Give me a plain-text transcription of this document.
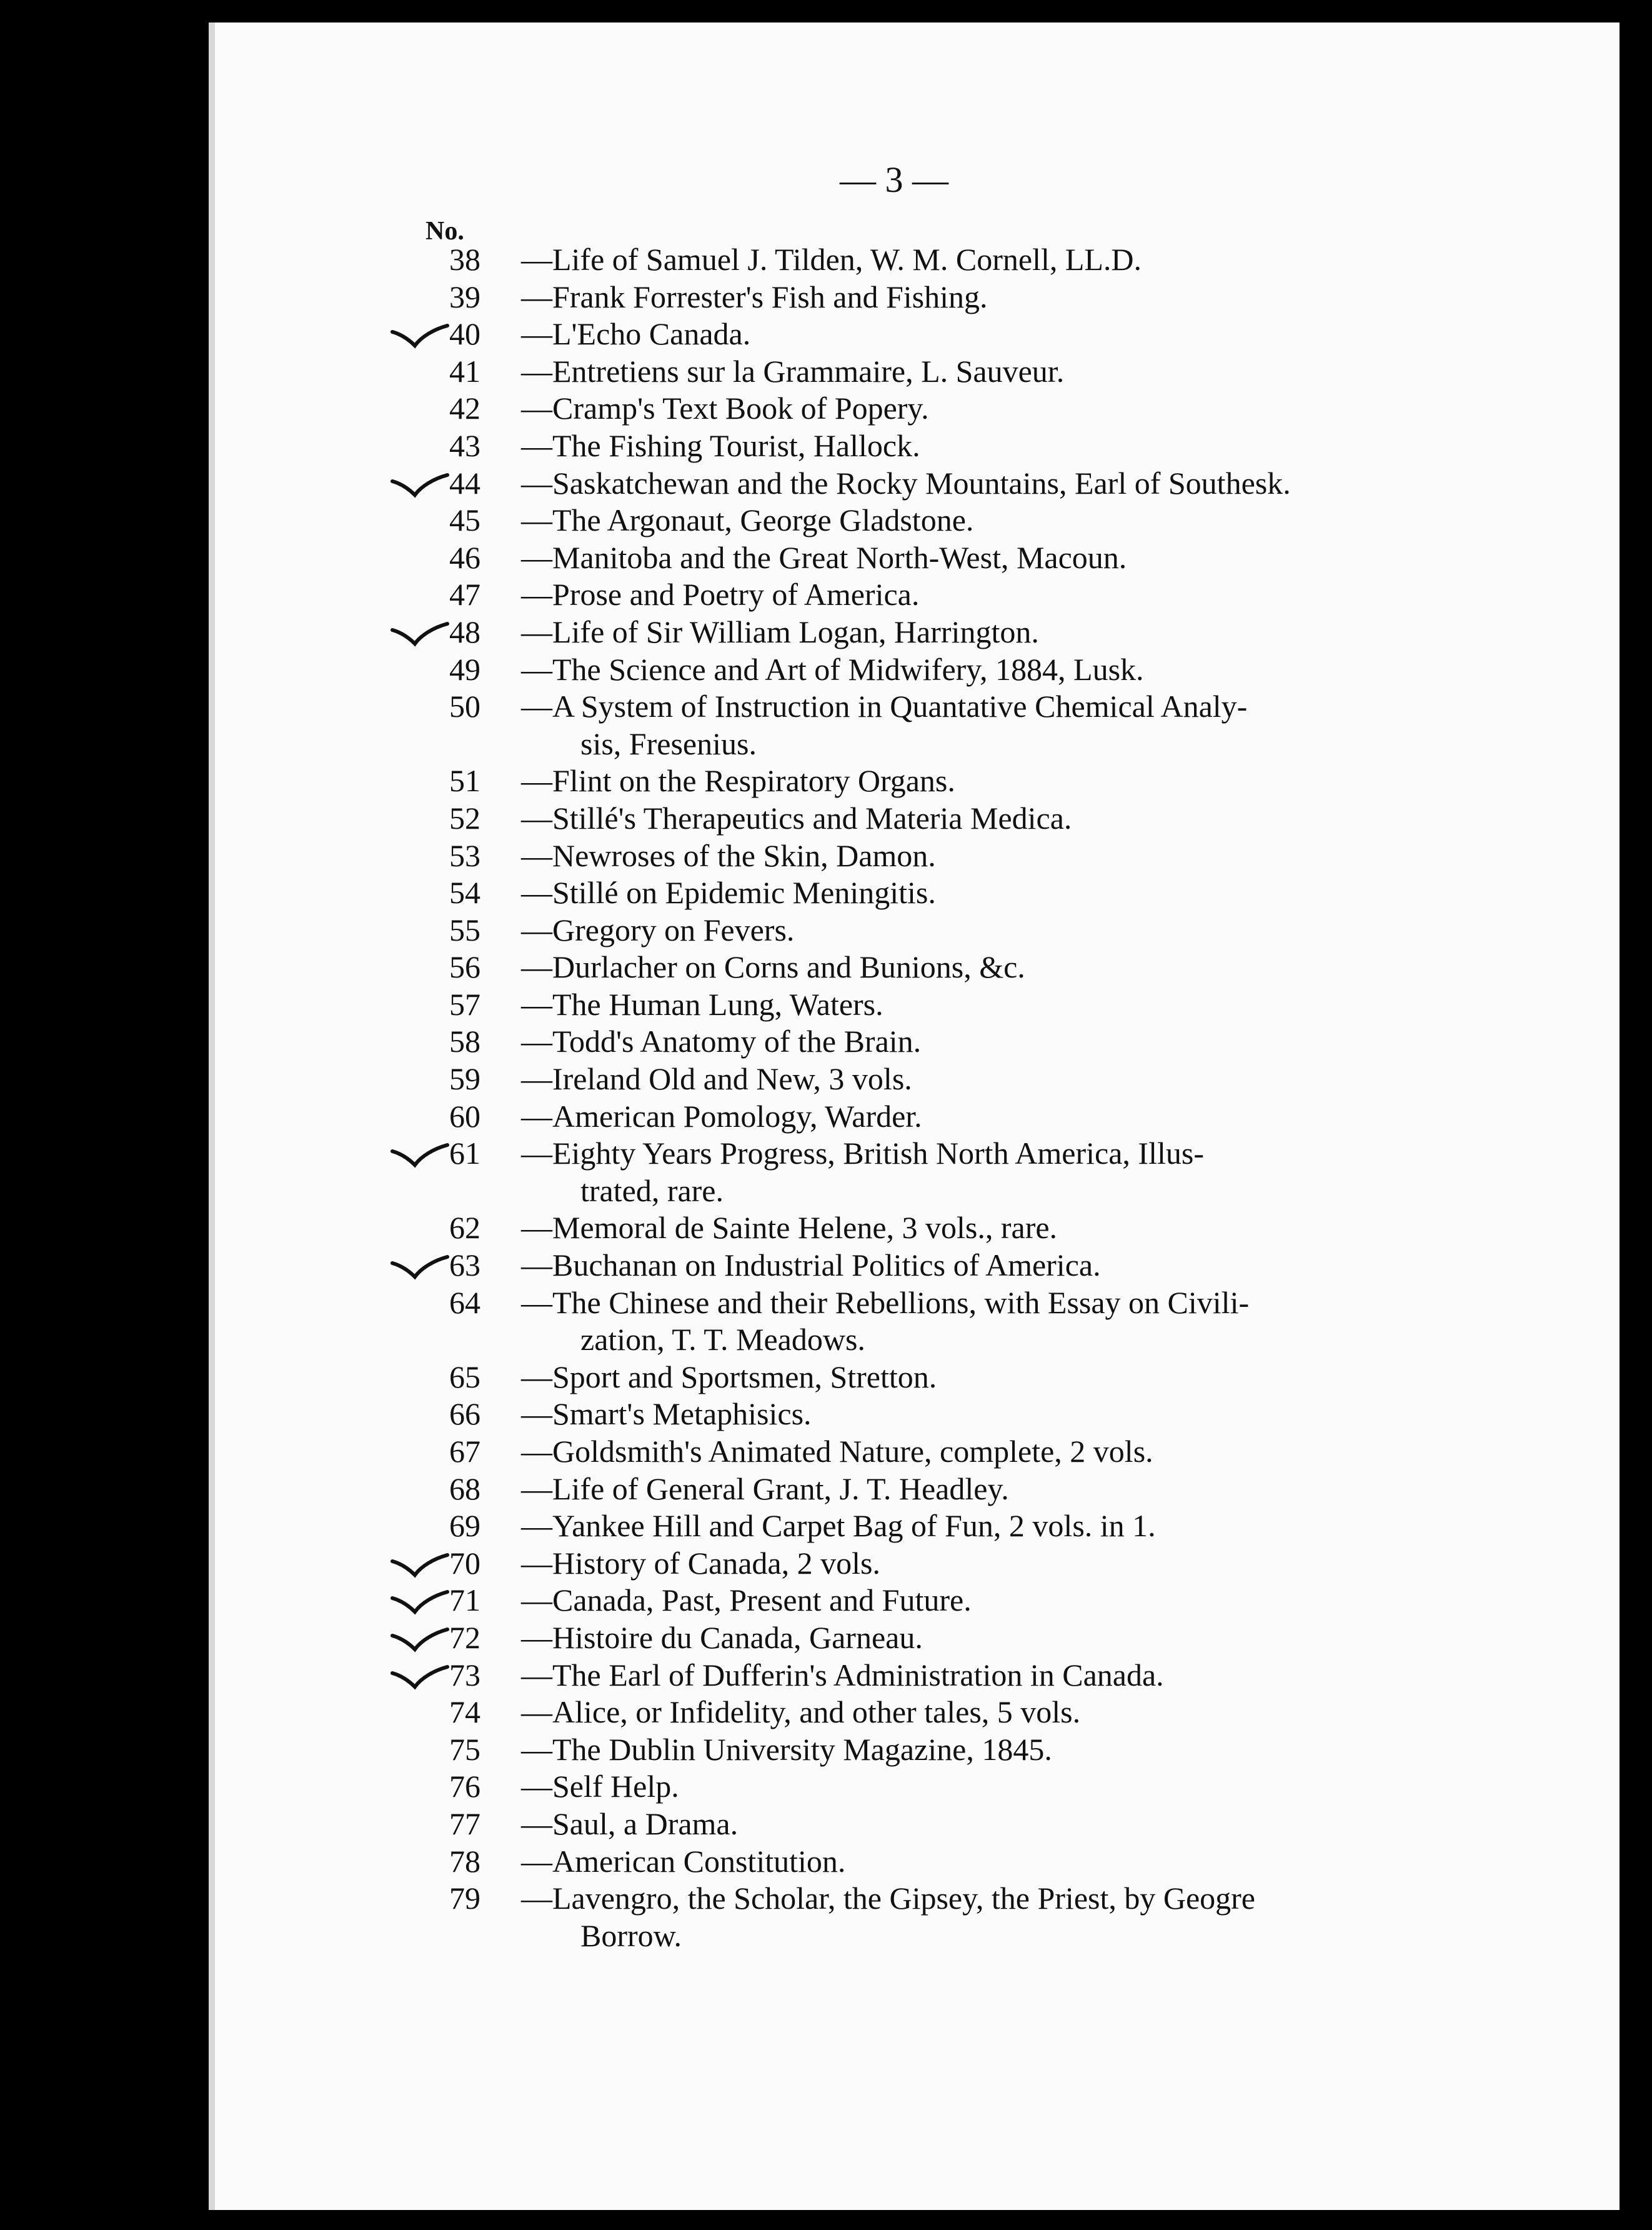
— 3 —
No.
38 —Life of Samuel J. Tilden, W. M. Cornell, LL.D.
39 —Frank Forrester's Fish and Fishing.
40 —L'Echo Canada.
41 —Entretiens sur la Grammaire, L. Sauveur.
42 —Cramp's Text Book of Popery.
43 —The Fishing Tourist, Hallock.
44 —Saskatchewan and the Rocky Mountains, Earl of Southesk.
45 —The Argonaut, George Gladstone.
46 —Manitoba and the Great North-West, Macoun.
47 —Prose and Poetry of America.
48 —Life of Sir William Logan, Harrington.
49 —The Science and Art of Midwifery, 1884, Lusk.
50 —A System of Instruction in Quantative Chemical Analy-
sis, Fresenius.
51 —Flint on the Respiratory Organs.
52 —Stillé's Therapeutics and Materia Medica.
53 —Newroses of the Skin, Damon.
54 —Stillé on Epidemic Meningitis.
55 —Gregory on Fevers.
56 —Durlacher on Corns and Bunions, &c.
57 —The Human Lung, Waters.
58 —Todd's Anatomy of the Brain.
59 —Ireland Old and New, 3 vols.
60 —American Pomology, Warder.
61 —Eighty Years Progress, British North America, Illus-
trated, rare.
62 —Memoral de Sainte Helene, 3 vols., rare.
63 —Buchanan on Industrial Politics of America.
64 —The Chinese and their Rebellions, with Essay on Civili-
zation, T. T. Meadows.
65 —Sport and Sportsmen, Stretton.
66 —Smart's Metaphisics.
67 —Goldsmith's Animated Nature, complete, 2 vols.
68 —Life of General Grant, J. T. Headley.
69 —Yankee Hill and Carpet Bag of Fun, 2 vols. in 1.
70 —History of Canada, 2 vols.
71 —Canada, Past, Present and Future.
72 —Histoire du Canada, Garneau.
73 —The Earl of Dufferin's Administration in Canada.
74 —Alice, or Infidelity, and other tales, 5 vols.
75 —The Dublin University Magazine, 1845.
76 —Self Help.
77 —Saul, a Drama.
78 —American Constitution.
79 —Lavengro, the Scholar, the Gipsey, the Priest, by Geogre
Borrow.
